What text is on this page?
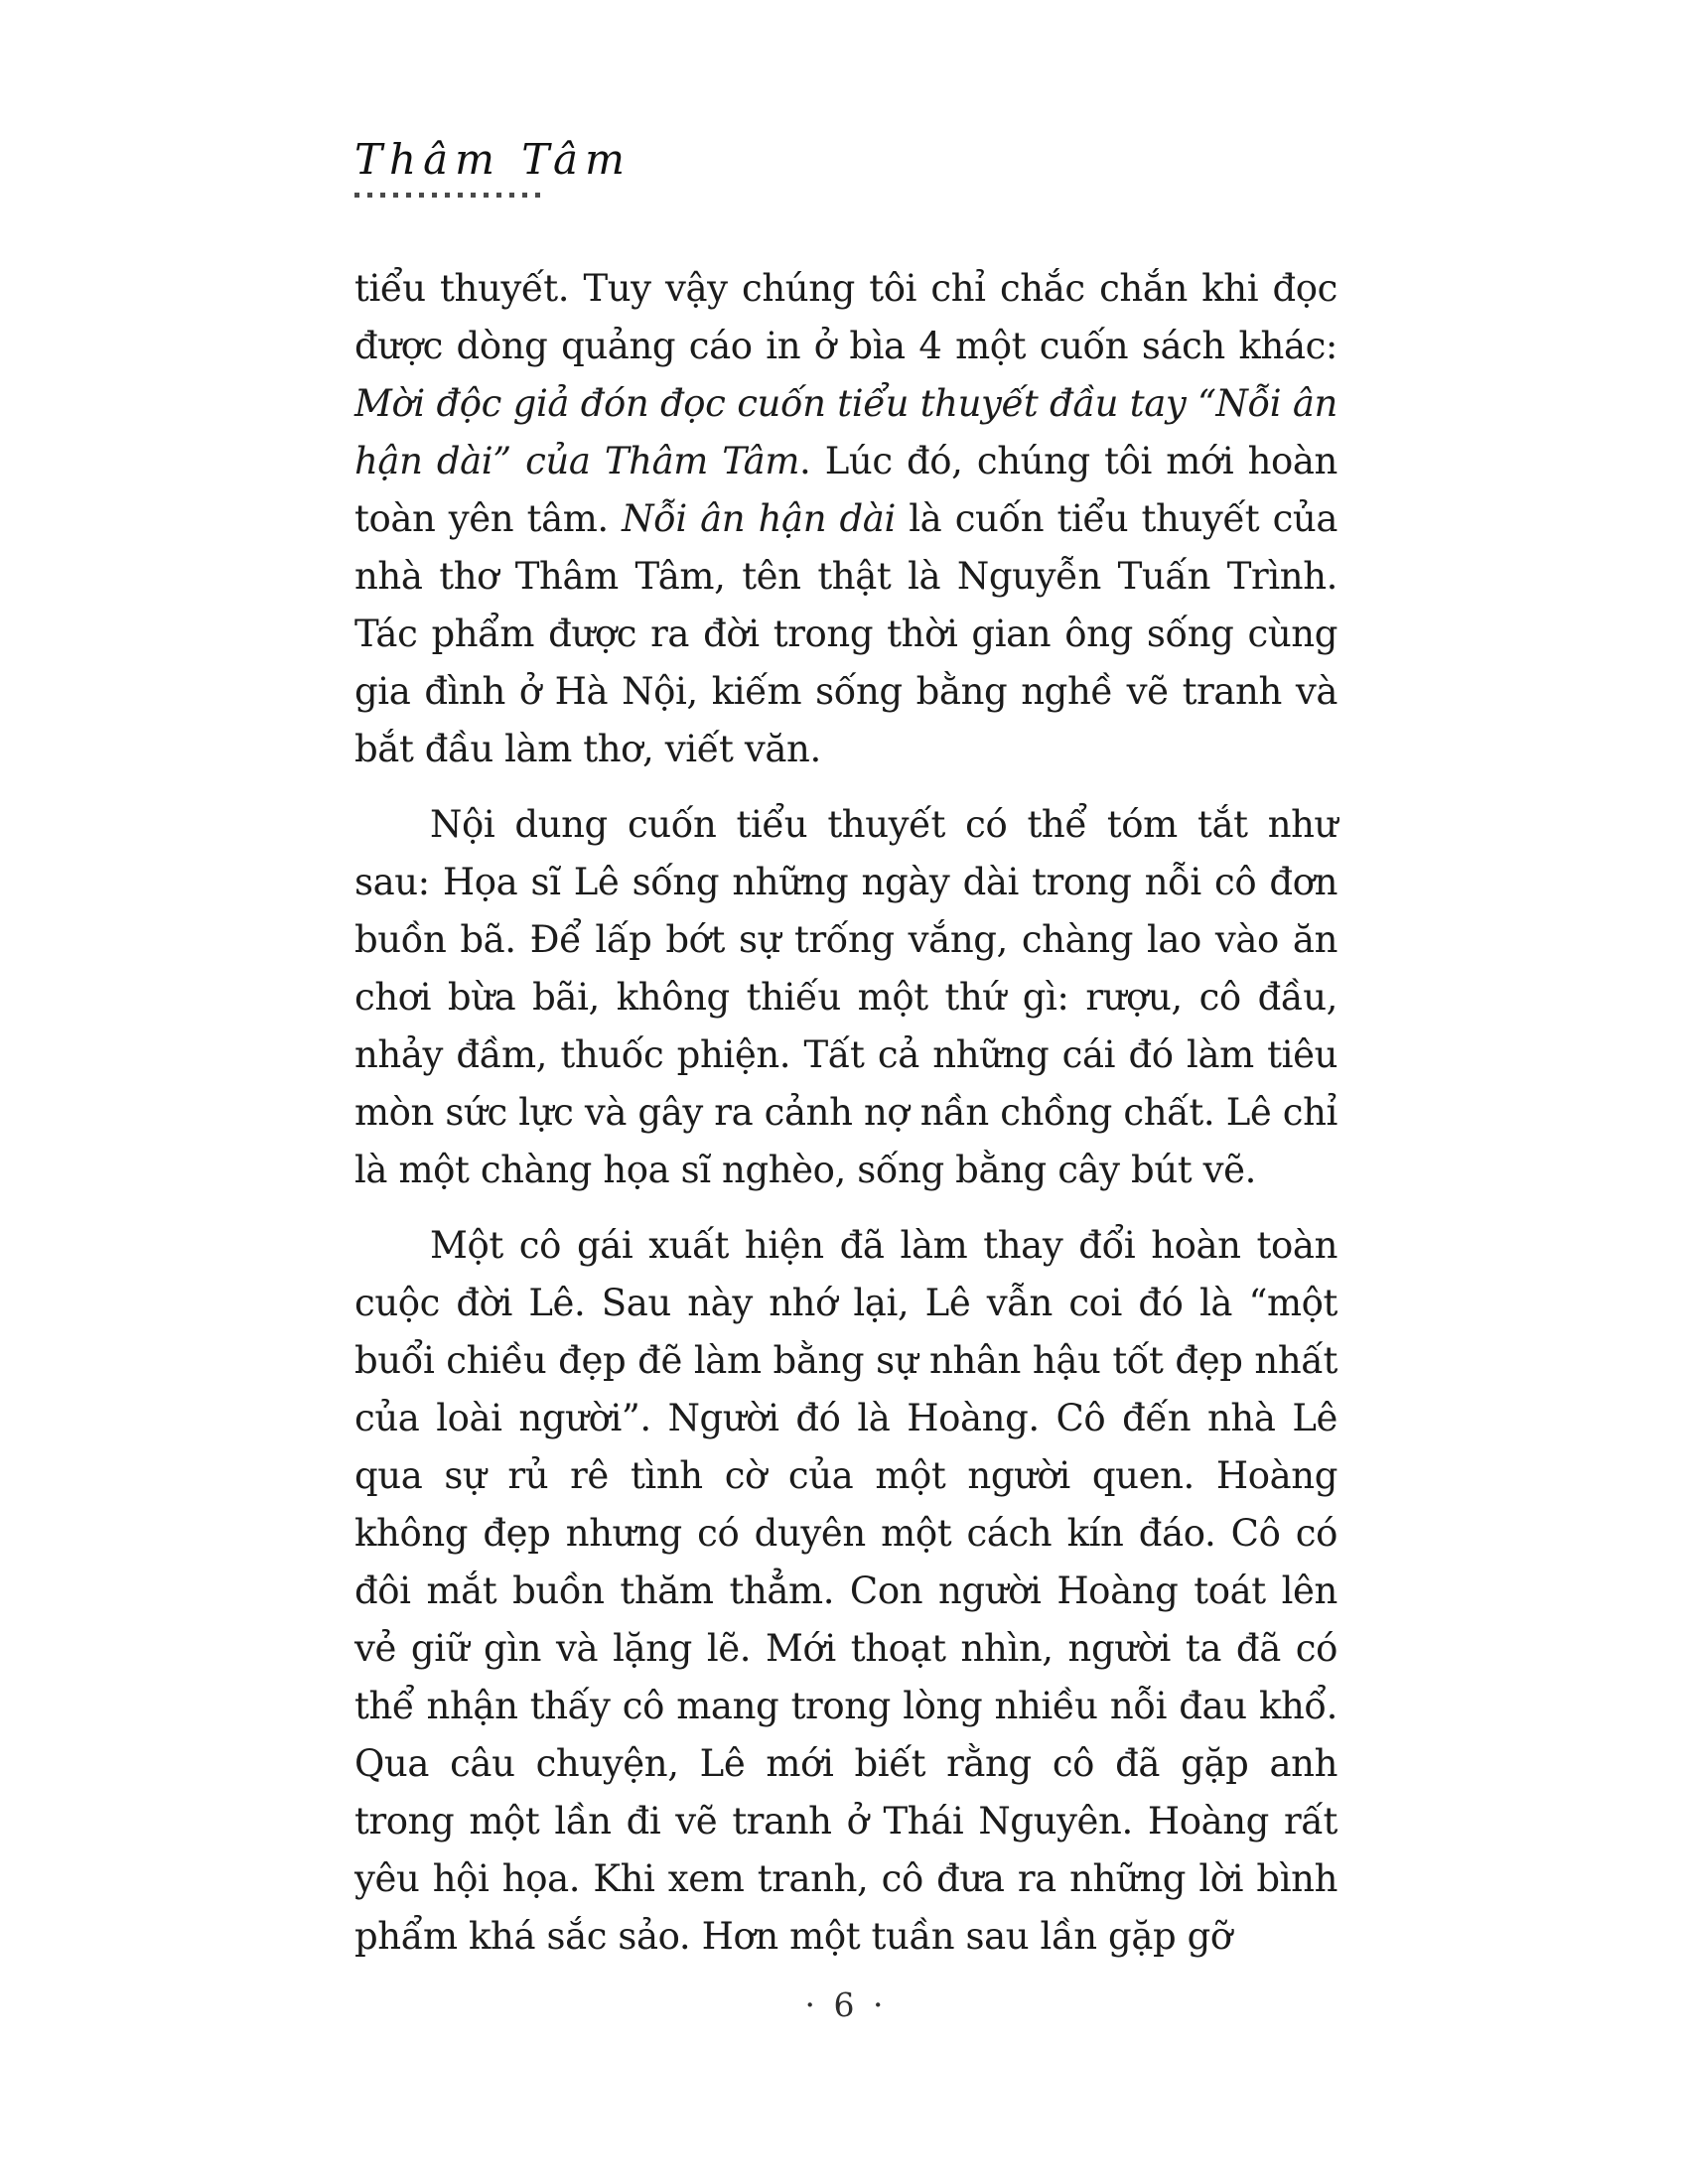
Thâm Tâm

tiểu thuyết. Tuy vậy chúng tôi chỉ chắc chắn khi đọc được dòng quảng cáo in ở bìa 4 một cuốn sách khác: Mời độc giả đón đọc cuốn tiểu thuyết đầu tay “Nỗi ân hận dài” của Thâm Tâm. Lúc đó, chúng tôi mới hoàn toàn yên tâm. Nỗi ân hận dài là cuốn tiểu thuyết của nhà thơ Thâm Tâm, tên thật là Nguyễn Tuấn Trình. Tác phẩm được ra đời trong thời gian ông sống cùng gia đình ở Hà Nội, kiếm sống bằng nghề vẽ tranh và bắt đầu làm thơ, viết văn.

Nội dung cuốn tiểu thuyết có thể tóm tắt như sau: Họa sĩ Lê sống những ngày dài trong nỗi cô đơn buồn bã. Để lấp bớt sự trống vắng, chàng lao vào ăn chơi bừa bãi, không thiếu một thứ gì: rượu, cô đầu, nhảy đầm, thuốc phiện. Tất cả những cái đó làm tiêu mòn sức lực và gây ra cảnh nợ nần chồng chất. Lê chỉ là một chàng họa sĩ nghèo, sống bằng cây bút vẽ.

Một cô gái xuất hiện đã làm thay đổi hoàn toàn cuộc đời Lê. Sau này nhớ lại, Lê vẫn coi đó là “một buổi chiều đẹp đẽ làm bằng sự nhân hậu tốt đẹp nhất của loài người”. Người đó là Hoàng. Cô đến nhà Lê qua sự rủ rê tình cờ của một người quen. Hoàng không đẹp nhưng có duyên một cách kín đáo. Cô có đôi mắt buồn thăm thẳm. Con người Hoàng toát lên vẻ giữ gìn và lặng lẽ. Mới thoạt nhìn, người ta đã có thể nhận thấy cô mang trong lòng nhiều nỗi đau khổ. Qua câu chuyện, Lê mới biết rằng cô đã gặp anh trong một lần đi vẽ tranh ở Thái Nguyên. Hoàng rất yêu hội họa. Khi xem tranh, cô đưa ra những lời bình phẩm khá sắc sảo. Hơn một tuần sau lần gặp gỡ

· 6 ·
